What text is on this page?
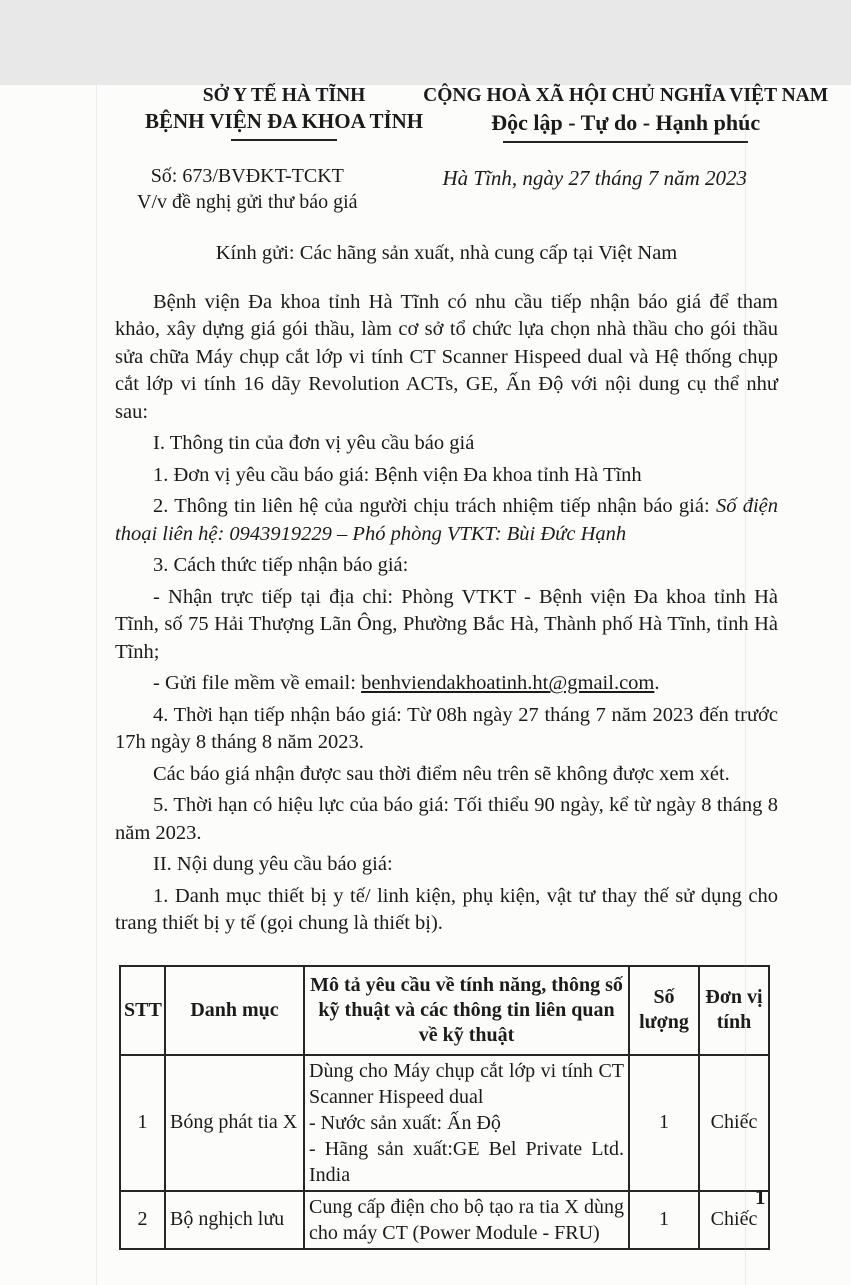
SỞ Y TẾ HÀ TĨNH
BỆNH VIỆN ĐA KHOA TỈNH
CỘNG HOÀ XÃ HỘI CHỦ NGHĨA VIỆT NAM
Độc lập - Tự do - Hạnh phúc
Số: 673/BVĐKT-TCKT
V/v đề nghị gửi thư báo giá
Hà Tĩnh, ngày 27 tháng 7 năm 2023
Kính gửi: Các hãng sản xuất, nhà cung cấp tại Việt Nam

Bệnh viện Đa khoa tỉnh Hà Tĩnh có nhu cầu tiếp nhận báo giá để tham khảo, xây dựng giá gói thầu, làm cơ sở tổ chức lựa chọn nhà thầu cho gói thầu sửa chữa Máy chụp cắt lớp vi tính CT Scanner Hispeed dual và Hệ thống chụp cắt lớp vi tính 16 dãy Revolution ACTs, GE, Ấn Độ với nội dung cụ thể như sau:

I. Thông tin của đơn vị yêu cầu báo giá

1. Đơn vị yêu cầu báo giá: Bệnh viện Đa khoa tỉnh Hà Tĩnh

2. Thông tin liên hệ của người chịu trách nhiệm tiếp nhận báo giá: Số điện thoại liên hệ: 0943919229 – Phó phòng VTKT: Bùi Đức Hạnh

3. Cách thức tiếp nhận báo giá:

- Nhận trực tiếp tại địa chỉ: Phòng VTKT - Bệnh viện Đa khoa tỉnh Hà Tĩnh, số 75 Hải Thượng Lãn Ông, Phường Bắc Hà, Thành phố Hà Tĩnh, tỉnh Hà Tĩnh;

- Gửi file mềm về email: benhviendakhoatinh.ht@gmail.com.

4. Thời hạn tiếp nhận báo giá: Từ 08h ngày 27 tháng 7 năm 2023 đến trước 17h ngày 8 tháng 8 năm 2023.

Các báo giá nhận được sau thời điểm nêu trên sẽ không được xem xét.

5. Thời hạn có hiệu lực của báo giá: Tối thiểu 90 ngày, kể từ ngày 8 tháng 8 năm 2023.

II. Nội dung yêu cầu báo giá:

1. Danh mục thiết bị y tế/ linh kiện, phụ kiện, vật tư thay thế sử dụng cho trang thiết bị y tế (gọi chung là thiết bị).

STT	Danh mục	Mô tả yêu cầu về tính năng, thông số kỹ thuật và các thông tin liên quan về kỹ thuật	Số lượng	Đơn vị tính
1	Bóng phát tia X	Dùng cho Máy chụp cắt lớp vi tính CT Scanner Hispeed dual
- Nước sản xuất: Ấn Độ
- Hãng sản xuất:GE Bel Private Ltd. India	1	Chiếc
2	Bộ nghịch lưu	Cung cấp điện cho bộ tạo ra tia X dùng cho máy CT (Power Module - FRU)	1	Chiếc
1
